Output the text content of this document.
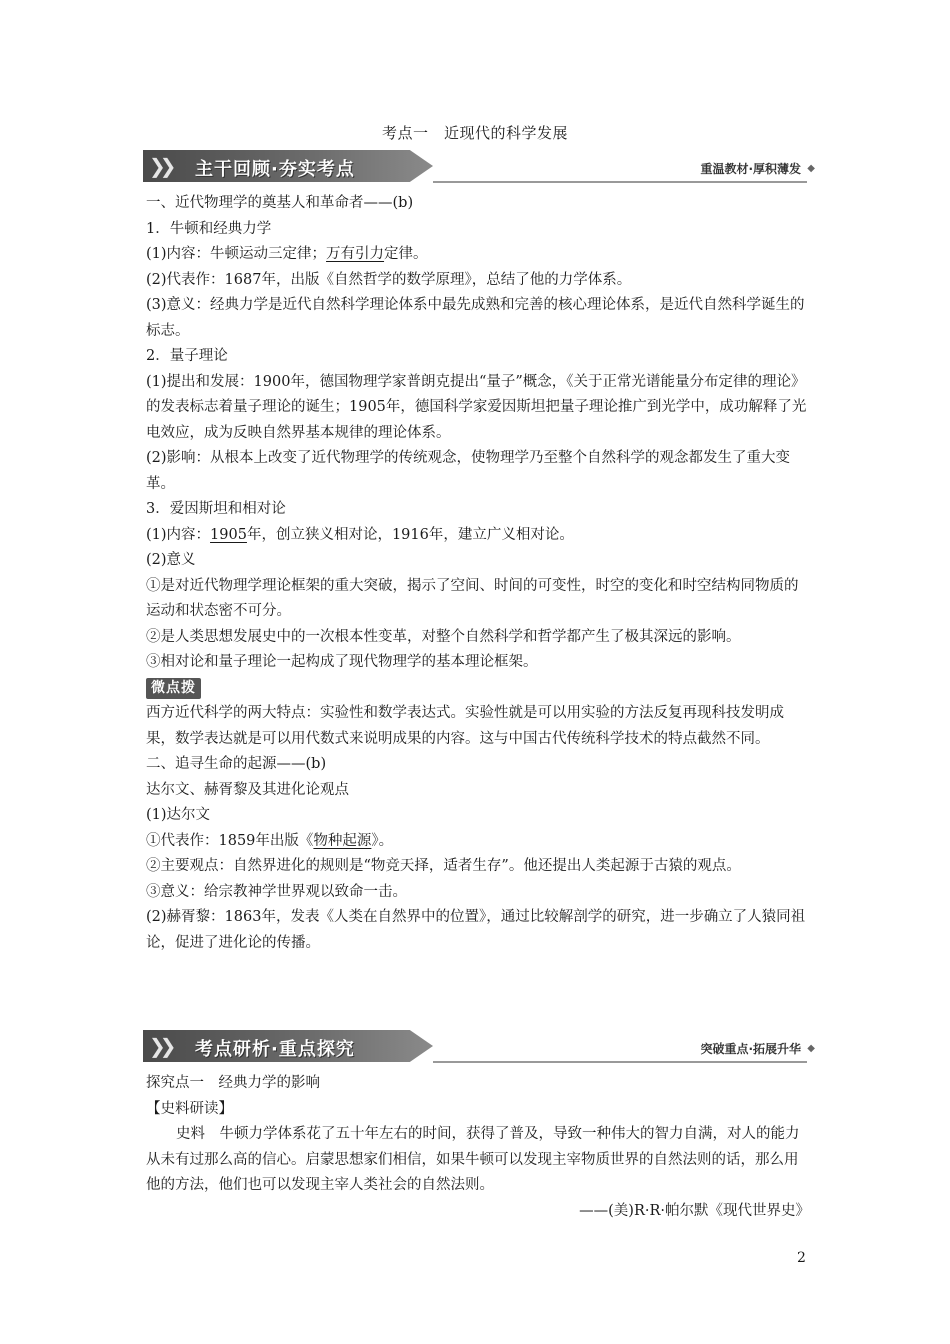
考点一　近现代的科学发展
❯❯ 主干回顾·夯实考点	重温教材·厚积薄发 ◆

一、近代物理学的奠基人和革命者——(b)

1．牛顿和经典力学

(1)内容：牛顿运动三定律；万有引力定律。

(2)代表作：1687年，出版《自然哲学的数学原理》，总结了他的力学体系。

(3)意义：经典力学是近代自然科学理论体系中最先成熟和完善的核心理论体系，是近代自然科学诞生的标志。

2．量子理论

(1)提出和发展：1900年，德国物理学家普朗克提出“量子”概念，《关于正常光谱能量分布定律的理论》的发表标志着量子理论的诞生；1905年，德国科学家爱因斯坦把量子理论推广到光学中，成功解释了光电效应，成为反映自然界基本规律的理论体系。

(2)影响：从根本上改变了近代物理学的传统观念，使物理学乃至整个自然科学的观念都发生了重大变革。

3．爱因斯坦和相对论

(1)内容：1905年，创立狭义相对论，1916年，建立广义相对论。

(2)意义

①是对近代物理学理论框架的重大突破，揭示了空间、时间的可变性，时空的变化和时空结构同物质的运动和状态密不可分。

②是人类思想发展史中的一次根本性变革，对整个自然科学和哲学都产生了极其深远的影响。

③相对论和量子理论一起构成了现代物理学的基本理论框架。

微点拨

西方近代科学的两大特点：实验性和数学表达式。实验性就是可以用实验的方法反复再现科技发明成果，数学表达就是可以用代数式来说明成果的内容。这与中国古代传统科学技术的特点截然不同。

二、追寻生命的起源——(b)

达尔文、赫胥黎及其进化论观点

(1)达尔文

①代表作：1859年出版《物种起源》。

②主要观点：自然界进化的规则是“物竞天择，适者生存”。他还提出人类起源于古猿的观点。

③意义：给宗教神学世界观以致命一击。

(2)赫胥黎：1863年，发表《人类在自然界中的位置》，通过比较解剖学的研究，进一步确立了人猿同祖论，促进了进化论的传播。

❯❯ 考点研析·重点探究	突破重点·拓展升华 ◆

探究点一　经典力学的影响

【史料研读】

史料　牛顿力学体系花了五十年左右的时间，获得了普及，导致一种伟大的智力自满，对人的能力从未有过那么高的信心。启蒙思想家们相信，如果牛顿可以发现主宰物质世界的自然法则的话，那么用他的方法，他们也可以发现主宰人类社会的自然法则。

——(美)R·R·帕尔默《现代世界史》

2
